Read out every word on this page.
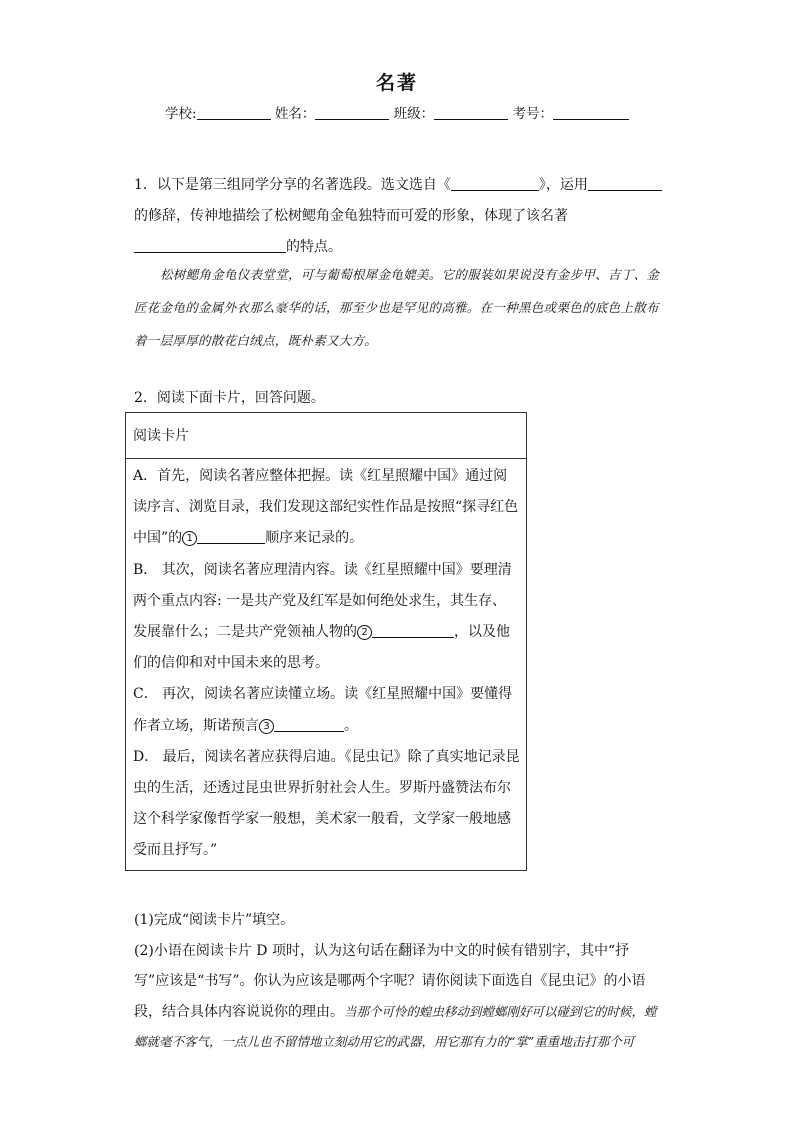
名著
学校:	姓名：	班级：	考号：
1．以下是第三组同学分享的名著选段。选文选自《	》，运用的修辞，传神地描绘了松树鳃角金龟独特而可爱的形象，体现了该名著
的特点。
松树鳃角金龟仪表堂堂，可与葡萄根犀金龟媲美。它的服装如果说没有金步甲、吉丁、金匠花金龟的金属外衣那么豪华的话，那至少也是罕见的高雅。在一种黑色或栗色的底色上散布着一层厚厚的散花白绒点，既朴素又大方。
2．阅读下面卡片，回答问题。
阅读卡片

A．首先，阅读名著应整体把握。读《红星照耀中国》通过阅读序言、浏览目录，我们发现这部纪实性作品是按照“探寻红色中国”的 1	顺序来记录的。

B． 其次，阅读名著应理清内容。读《红星照耀中国》要理清两个重点内容: 一是共产党及红军是如何绝处求生，其生存、发展靠什么；二是共产党领袖人物的 2	，以及他们的信仰和对中国未来的思考。

C． 再次，阅读名著应读懂立场。读《红星照耀中国》要懂得作者立场，斯诺预言 3	。

D． 最后，阅读名著应获得启迪。《昆虫记》除了真实地记录昆虫的生活，还透过昆虫世界折射社会人生。罗斯丹盛赞法布尔这个科学家像哲学家一般想，美术家一般看，文学家一般地感受而且抒写。”

(1)完成“阅读卡片”填空。

(2)小语在阅读卡片 D 项时，认为这句话在翻译为中文的时候有错别字，其中“抒写”应该是“书写”。你认为应该是哪两个字呢？请你阅读下面选自《昆虫记》的小语段，结合具体内容说说你的理由。当那个可怜的蝗虫移动到螳螂刚好可以碰到它的时候，螳螂就毫不客气，一点儿也不留情地立刻动用它的武器，用它那有力的“掌”重重地击打那个可
